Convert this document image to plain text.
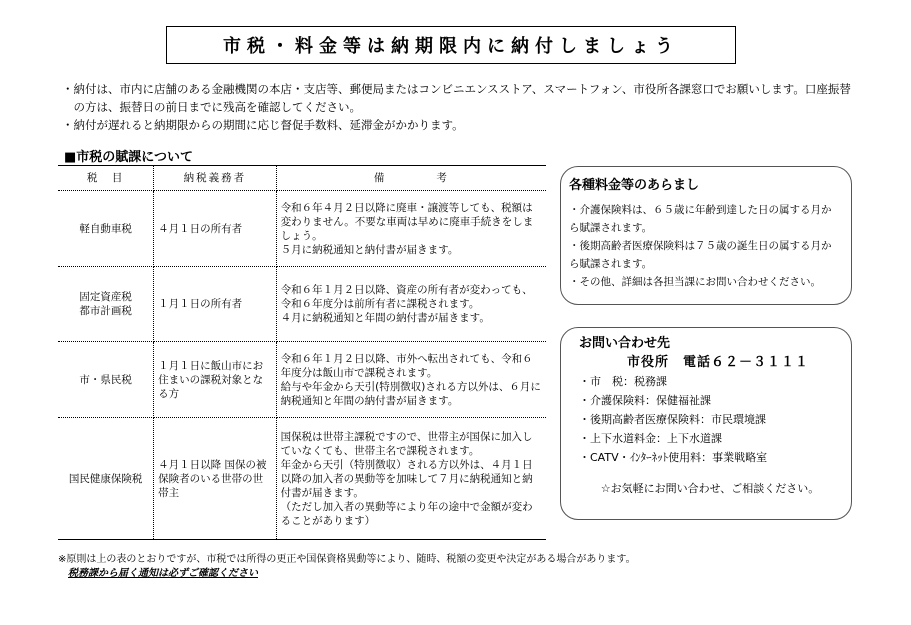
市税・料金等は納期限内に納付しましょう

・納付は、市内に店舗のある金融機関の本店・支店等、郵便局またはコンビニエンスストア、スマートフォン、市役所各課窓口でお願いします。口座振替の方は、振替日の前日までに残高を確認してください。

・納付が遅れると納期限からの期間に応じ督促手数料、延滞金がかかります。

■市税の賦課について
税　目	納税義務者	備　　　　考
軽自動車税	４月１日の所有者	令和６年４月２日以降に廃車・譲渡等しても、税額は変わりません。不要な車両は早めに廃車手続きをしましょう。
５月に納税通知と納付書が届きます。
固定資産税
都市計画税	１月１日の所有者	令和６年１月２日以降、資産の所有者が変わっても、令和６年度分は前所有者に課税されます。
４月に納税通知と年間の納付書が届きます。
市・県民税	１月１日に飯山市にお住まいの課税対象となる方	令和６年１月２日以降、市外へ転出されても、令和６年度分は飯山市で課税されます。
給与や年金から天引(特別徴収)される方以外は、６月に納税通知と年間の納付書が届きます。
国民健康保険税	４月１日以降 国保の被保険者のいる世帯の世帯主	国保税は世帯主課税ですので、世帯主が国保に加入していなくても、世帯主名で課税されます。
年金から天引（特別徴収）される方以外は、４月１日以降の加入者の異動等を加味して７月に納税通知と納付書が届きます。
（ただし加入者の異動等により年の途中で金額が変わることがあります）
各種料金等のあらまし

・介護保険料は、６５歳に年齢到達した日の属する月から賦課されます。

・後期高齢者医療保険料は７５歳の誕生日の属する月から賦課されます。

・その他、詳細は各担当課にお問い合わせください。

お問い合わせ先
市役所　電話６２－３１１１

・市　税：税務課

・介護保険料：保健福祉課

・後期高齢者医療保険料：市民環境課

・上下水道料金：上下水道課

・CATV・ｲﾝﾀｰﾈｯﾄ使用料：事業戦略室

☆お気軽にお問い合わせ、ご相談ください。

※原則は上の表のとおりですが、市税では所得の更正や国保資格異動等により、随時、税額の変更や決定がある場合があります。
税務課から届く通知は必ずご確認ください
